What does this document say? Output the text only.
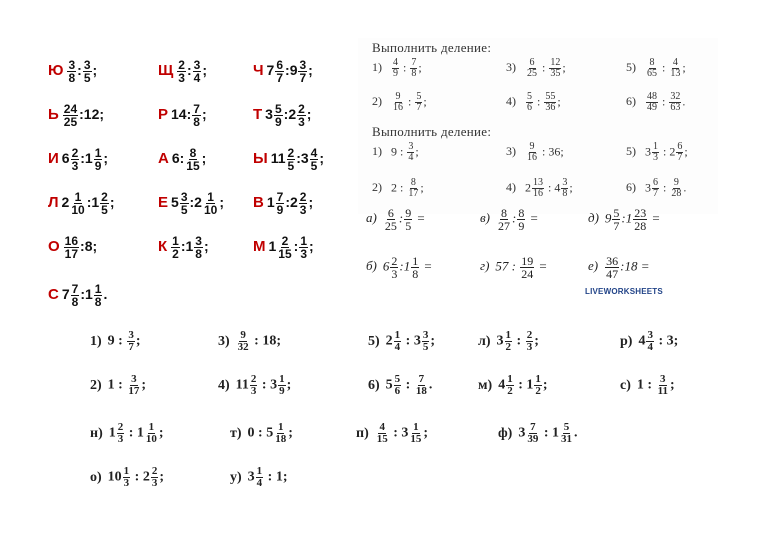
Ю $\frac{3}{8}$ : $\frac{3}{5}$ ;	Щ $\frac{2}{3}$ : $\frac{3}{4}$ ;	Ч $7 \frac{6}{7}$ :9 $\frac{3}{7}$ ;
Ь $\frac{24}{25}$ :12;	Р 14: $\frac{7}{8}$ ;	Т $3 \frac{5}{9}$ :2 $\frac{2}{3}$ ;
И $6 \frac{2}{3}$ :1 $\frac{1}{9}$ ;	А 6: $\frac{8}{15}$ ;	Ы $11 \frac{2}{5}$ :3 $\frac{4}{5}$ ;
Л $2 \frac{1}{10}$ :1 $\frac{2}{5}$ ;	Е $5 \frac{3}{5}$ :2 $\frac{1}{10}$ ; В $1 \frac{7}{9}$ :2 $\frac{2}{3}$ ;
О $\frac{16}{17}$ :8;	К $\frac{1}{2}$ :1 $\frac{3}{8}$ ;	М $1 \frac{2}{15}$ : $\frac{1}{3}$ ;
С $7 \frac{7}{8}$ :1 $\frac{1}{8}$ .
Выполнить деление:
Выполнить деление:
$1) \frac{4}{9}$ : $\frac{7}{8}$ ;	$3) \frac{6}{25}$ : $\frac{12}{35}$ ;	$5) \frac{8}{65}$ : $\frac{4}{13}$ ;
$2) \frac{9}{16}$ : $\frac{5}{7}$ ;	$4) \frac{5}{6}$ : $\frac{55}{36}$ ;	$6) \frac{48}{49}$ : $\frac{32}{63}$ .
1) 9 : $\frac{3}{4}$ ;	$3) \frac{9}{16}$ : 36;	5) $3 \frac{1}{3}$ : $2 \frac{6}{7}$ ;
2) 2 : $\frac{8}{17}$ ;	4) $2 \frac{13}{16}$ : $4 \frac{3}{8}$ ;	6) $3 \frac{6}{7}$ : $\frac{9}{28}$ .
$а) \frac{6}{25}$ : $\frac{9}{5}$ =	$в) \frac{8}{27}$ : $\frac{8}{9}$ =	д) $9 \frac{5}{7}$ :1 $\frac{23}{28}$ =
б) $6 \frac{2}{3}$ :1 $\frac{1}{8}$ =	г) 57 : $\frac{19}{24}$ =	$е) \frac{36}{47}$ :18 =
LIVEWORKSHEETS
1) 9 : $\frac{3}{7}$ ;	$3) \frac{9}{32}$ : 18;	5) $2 \frac{1}{4}$ : $3 \frac{3}{5}$ ;	л) $3 \frac{1}{2}$ : $\frac{2}{3}$ ;	р) $4 \frac{3}{4}$ : 3;
2) 1 : $\frac{3}{17}$ ;	4) $11 \frac{2}{3}$ : $3 \frac{1}{9}$ ;	6) $5 \frac{5}{6}$ : $\frac{7}{18}$ .	м) $4 \frac{1}{2}$ : $1 \frac{1}{2}$ ;	с) 1 : $\frac{3}{11}$ ;
н) $1 \frac{2}{3}$ : $1 \frac{1}{10}$ ;	т) 0 : $5 \frac{1}{18}$ ;	$п) \frac{4}{15}$ : $3 \frac{1}{15}$ ;	ф) $3 \frac{7}{39}$ : $1 \frac{5}{31}$ .
о) $10 \frac{1}{3}$ : $2 \frac{2}{3}$ ;	у) $3 \frac{1}{4}$ : 1;
